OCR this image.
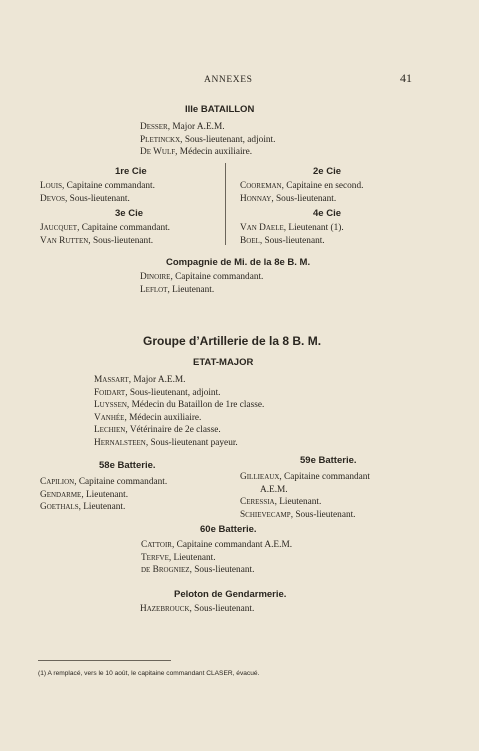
ANNEXES	41
IIIe BATAILLON
Desser, Major A.E.M.
Pletinckx, Sous-lieutenant, adjoint.
De Wulf, Médecin auxiliaire.
1re Cie
Louis, Capitaine commandant.
Devos, Sous-lieutenant.
2e Cie
Cooreman, Capitaine en second.
Honnay, Sous-lieutenant.
3e Cie
Jaucquet, Capitaine commandant.
Van Rutten, Sous-lieutenant.
4e Cie
Van Daele, Lieutenant (1).
Boel, Sous-lieutenant.
Compagnie de Mi. de la 8e B. M.
Dinoire, Capitaine commandant.
Leflot, Lieutenant.
Groupe d’Artillerie de la 8 B. M.
ETAT-MAJOR
Massart, Major A.E.M.
Foidart, Sous-lieutenant, adjoint.
Luyssen, Médecin du Bataillon de 1re classe.
Vanhée, Médecin auxiliaire.
Lechien, Vétérinaire de 2e classe.
Hernalsteen, Sous-lieutenant payeur.
58e Batterie.
Capilion, Capitaine commandant.
Gendarme, Lieutenant.
Goethals, Lieutenant.
59e Batterie.
Gillieaux, Capitaine commandant
A.E.M.
Ceressia, Lieutenant.
Schievecamp, Sous-lieutenant.
60e Batterie.
Cattoir, Capitaine commandant A.E.M.
Terfve, Lieutenant.
de Brogniez, Sous-lieutenant.
Peloton de Gendarmerie.
Hazebrouck, Sous-lieutenant.
(1) A remplacé, vers le 10 août, le capitaine commandant CLASER, évacué.
